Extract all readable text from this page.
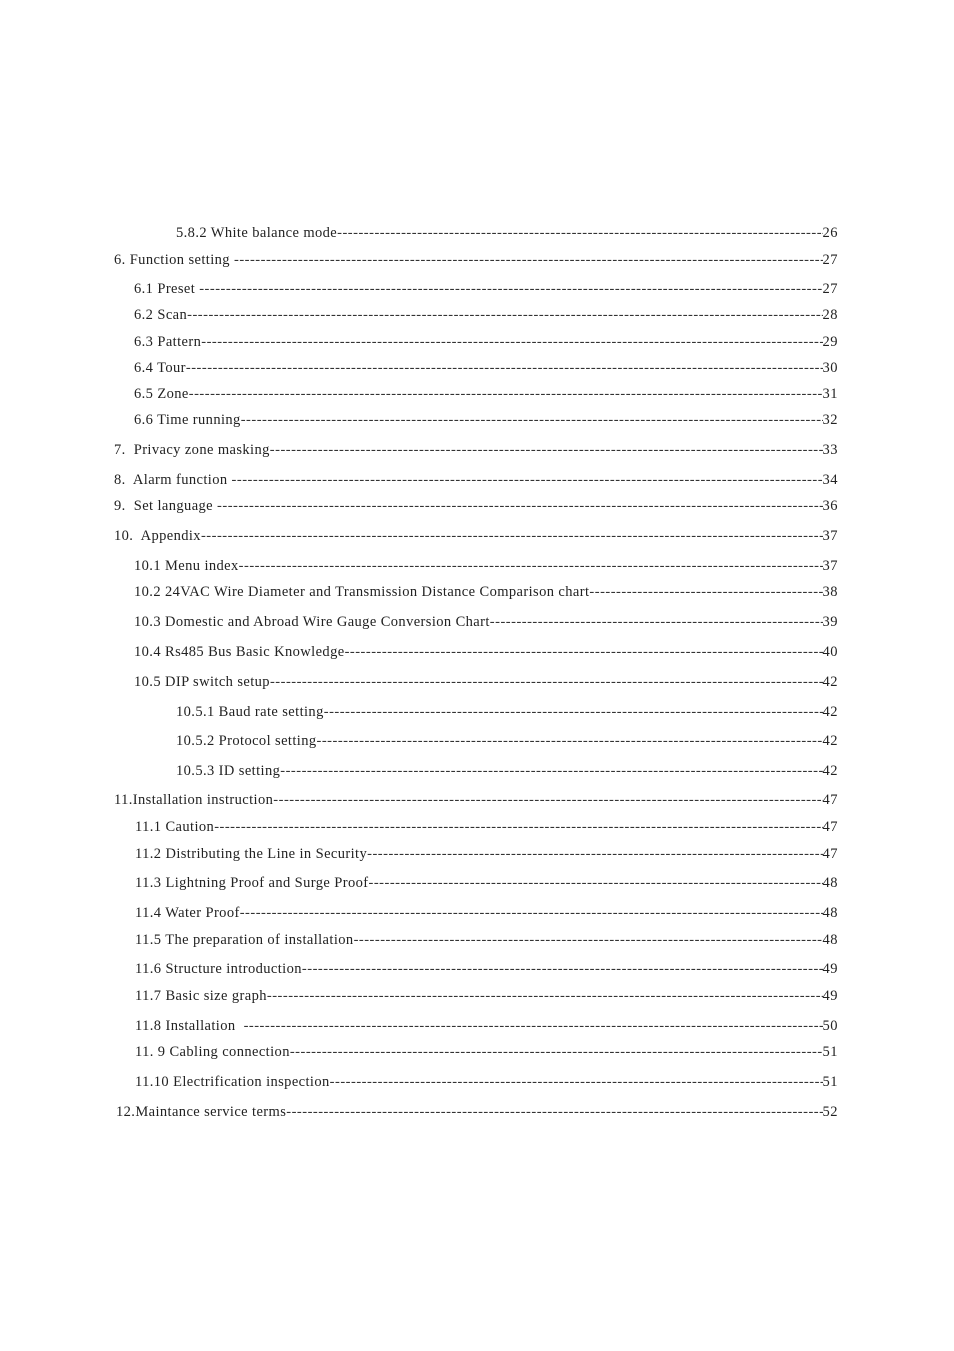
5.8.2 White balance mode -----	26
6. Function setting -----	27
6.1 Preset -----	27
6.2 Scan -----	28
6.3 Pattern -----	29
6.4 Tour -----	30
6.5 Zone -----	31
6.6 Time running -----	32
7.  Privacy zone masking -----	33
8.  Alarm function -----	34
9.  Set language -----	36
10.  Appendix -----	37
10.1 Menu index -----	37
10.2 24VAC Wire Diameter and Transmission Distance Comparison chart -----	38
10.3 Domestic and Abroad Wire Gauge Conversion Chart -----	39
10.4 Rs485 Bus Basic Knowledge -----	40
10.5 DIP switch setup -----	42
10.5.1 Baud rate setting -----	42
10.5.2 Protocol setting -----	42
10.5.3 ID setting -----	42
11.Installation instruction -----	47
11.1 Caution -----	47
11.2 Distributing the Line in Security -----	47
11.3 Lightning Proof and Surge Proof -----	48
11.4 Water Proof -----	48
11.5 The preparation of installation -----	48
11.6 Structure introduction -----	49
11.7 Basic size graph -----	49
11.8 Installation -----	50
11. 9 Cabling connection -----	51
11.10 Electrification inspection -----	51
12.Maintance service terms -----	52
